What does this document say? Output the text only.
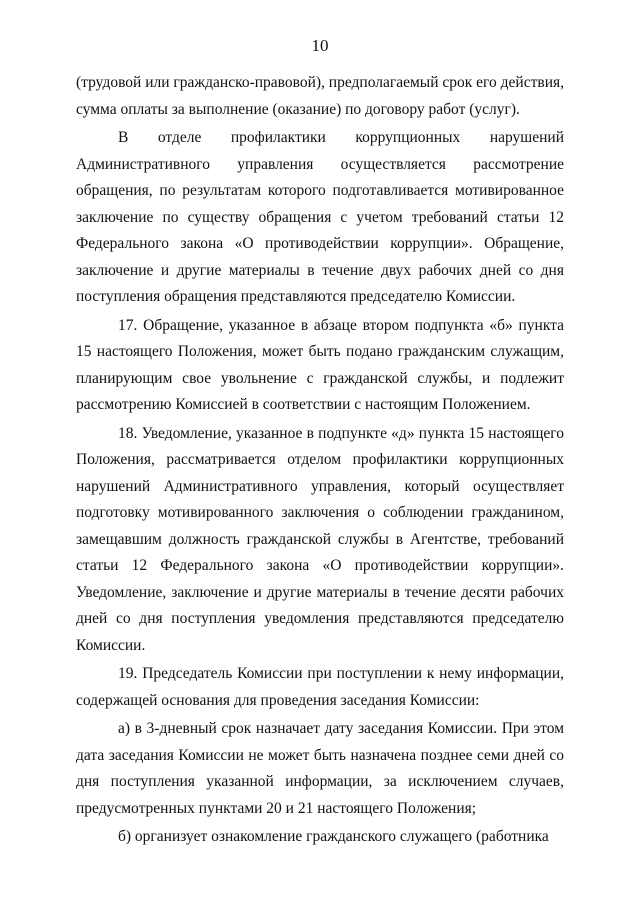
10

(трудовой или гражданско-правовой), предполагаемый срок его действия, сумма оплаты за выполнение (оказание) по договору работ (услуг).

В отделе профилактики коррупционных нарушений Административного управления осуществляется рассмотрение обращения, по результатам которого подготавливается мотивированное заключение по существу обращения с учетом требований статьи 12 Федерального закона «О противодействии коррупции». Обращение, заключение и другие материалы в течение двух рабочих дней со дня поступления обращения представляются председателю Комиссии.

17. Обращение, указанное в абзаце втором подпункта «б» пункта 15 настоящего Положения, может быть подано гражданским служащим, планирующим свое увольнение с гражданской службы, и подлежит рассмотрению Комиссией в соответствии с настоящим Положением.

18. Уведомление, указанное в подпункте «д» пункта 15 настоящего Положения, рассматривается отделом профилактики коррупционных нарушений Административного управления, который осуществляет подготовку мотивированного заключения о соблюдении гражданином, замещавшим должность гражданской службы в Агентстве, требований статьи 12 Федерального закона «О противодействии коррупции». Уведомление, заключение и другие материалы в течение десяти рабочих дней со дня поступления уведомления представляются председателю Комиссии.

19. Председатель Комиссии при поступлении к нему информации, содержащей основания для проведения заседания Комиссии:

а) в 3-дневный срок назначает дату заседания Комиссии. При этом дата заседания Комиссии не может быть назначена позднее семи дней со дня поступления указанной информации, за исключением случаев, предусмотренных пунктами 20 и 21 настоящего Положения;

б) организует ознакомление гражданского служащего (работника
